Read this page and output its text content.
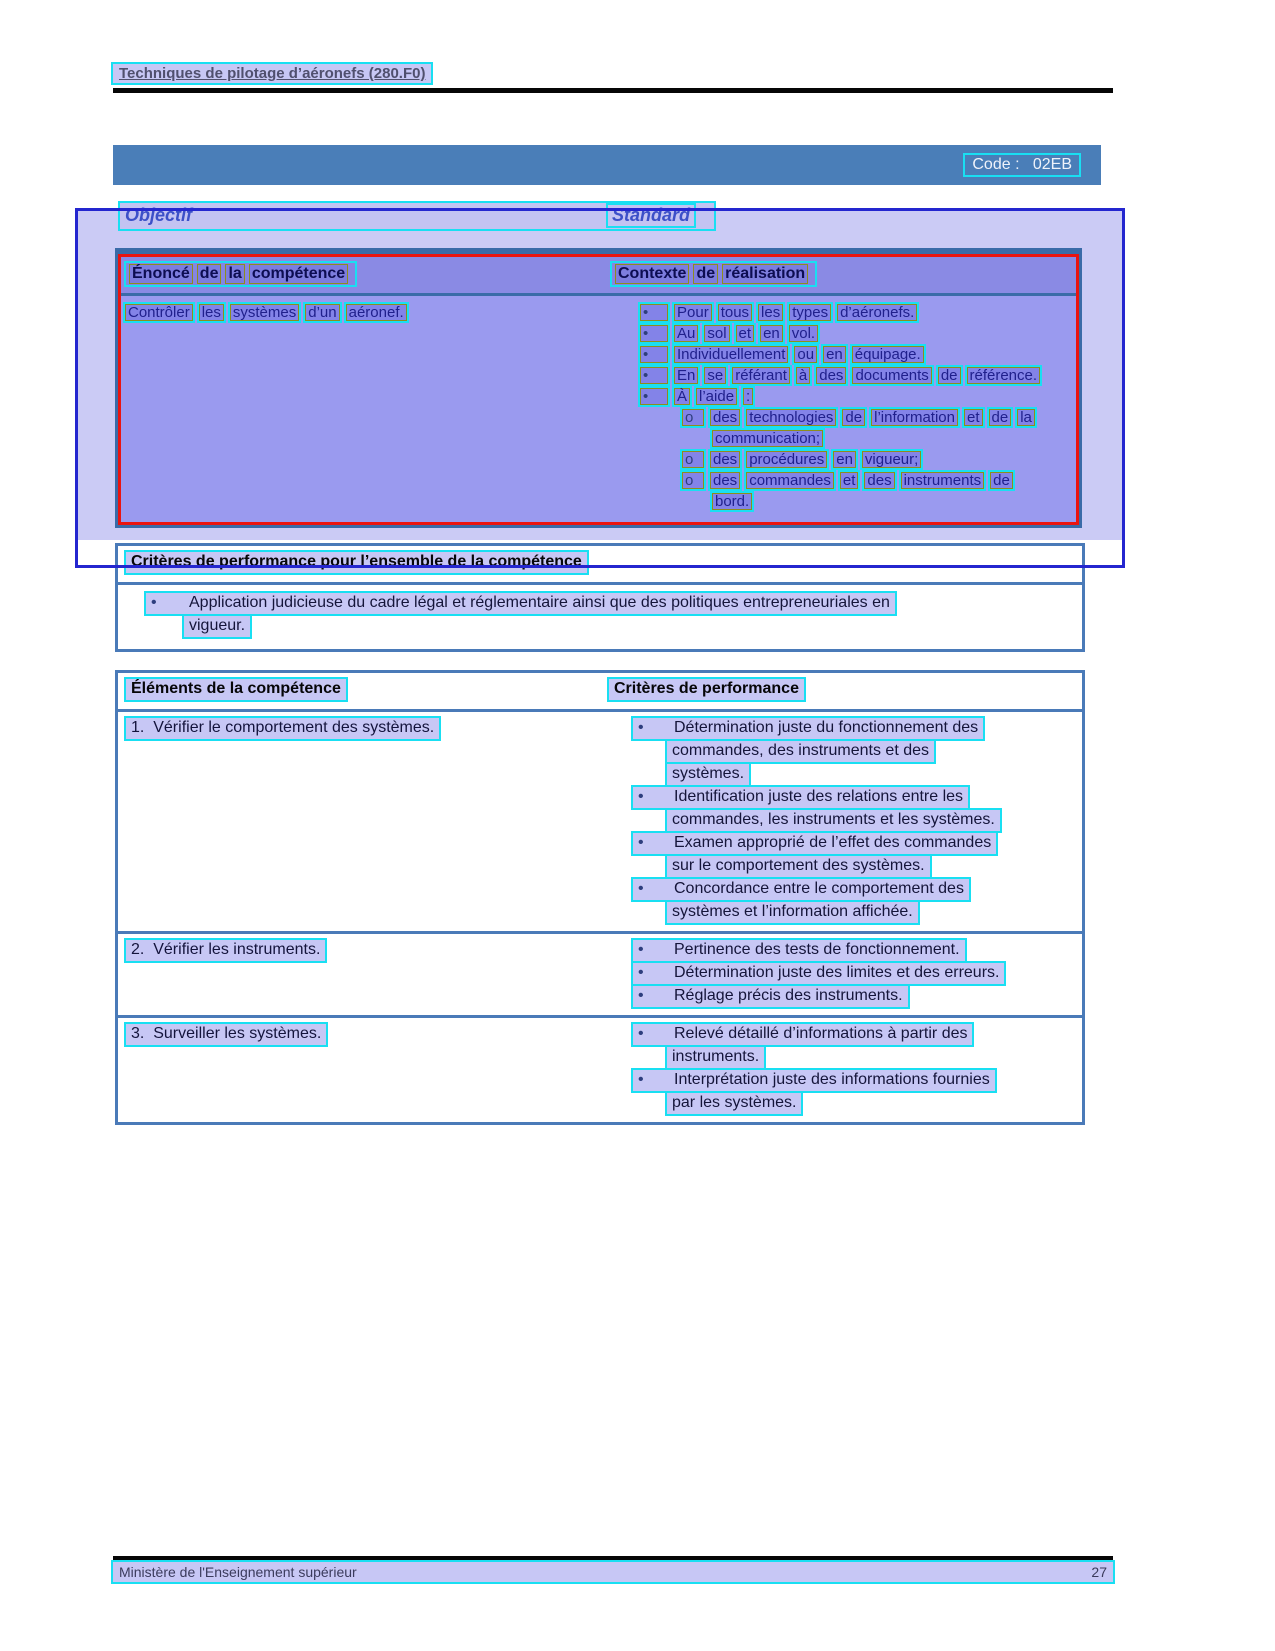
Techniques de pilotage d’aéronefs (280.F0)
Code :   02EB
Objectif	Standard
Énoncé de la compétence	Contexte de réalisation
Contrôler les systèmes d’un aéronef.	• Pour tous les types d’aéronefs.
• Au sol et en vol.
• Individuellement ou en équipage.
• En se référant à des documents de référence.
• À l’aide :
o des technologies de l’information et de la
communication;
o des procédures en vigueur;
o des commandes et des instruments de
bord.
Critères de performance pour l’ensemble de la compétence
• Application judicieuse du cadre légal et réglementaire ainsi que des politiques entrepreneuriales en
vigueur.
Éléments de la compétence	Critères de performance
1.  Vérifier le comportement des systèmes.	• Détermination juste du fonctionnement des
commandes, des instruments et des
systèmes.
• Identification juste des relations entre les
commandes, les instruments et les systèmes.
• Examen approprié de l’effet des commandes
sur le comportement des systèmes.
• Concordance entre le comportement des
systèmes et l’information affichée.
2.  Vérifier les instruments.	• Pertinence des tests de fonctionnement.
• Détermination juste des limites et des erreurs.
• Réglage précis des instruments.
3.  Surveiller les systèmes.	• Relevé détaillé d’informations à partir des
instruments.
• Interprétation juste des informations fournies
par les systèmes.
Ministère de l'Enseignement supérieur	27
